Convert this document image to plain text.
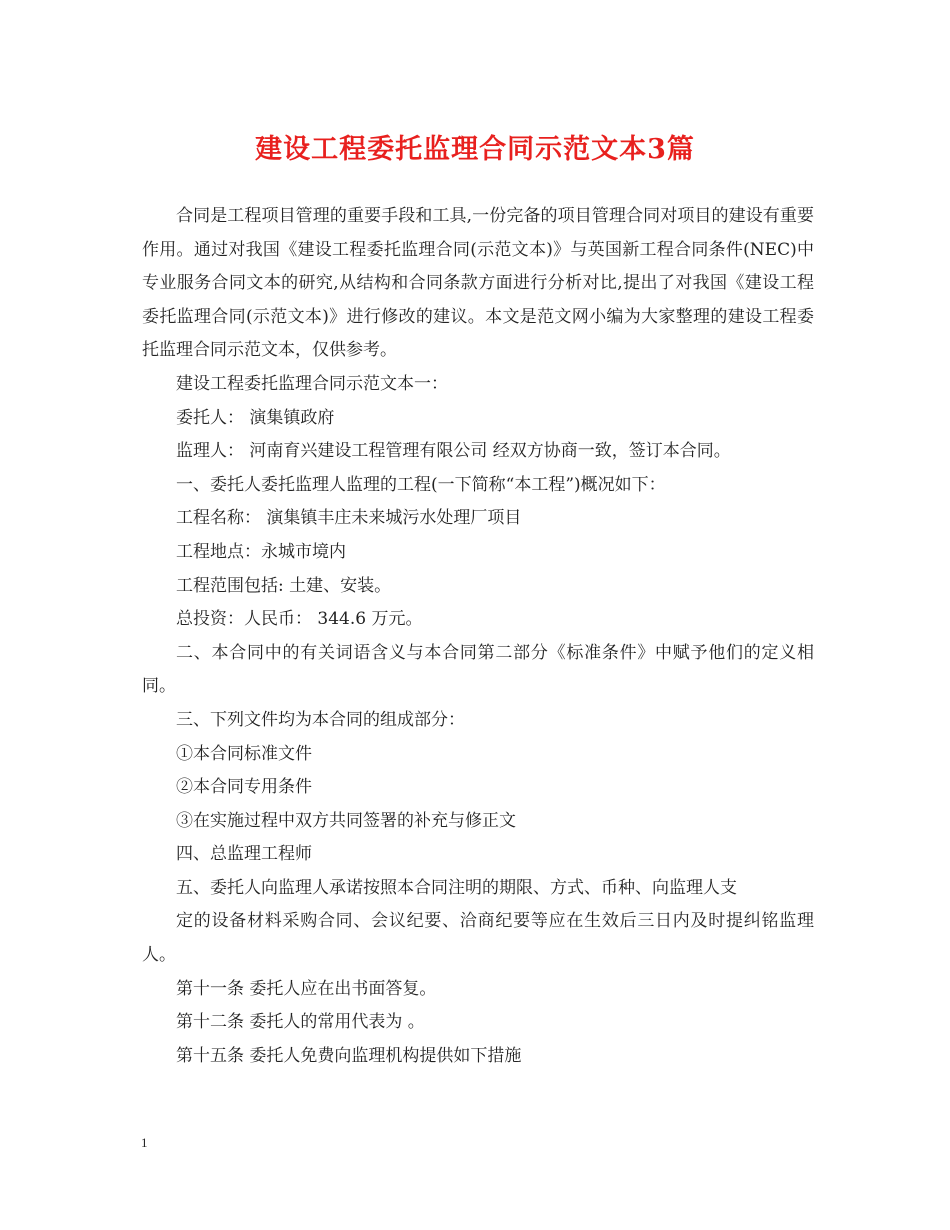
建设工程委托监理合同示范文本3篇

合同是工程项目管理的重要手段和工具,一份完备的项目管理合同对项目的建设有重要作用。通过对我国《建设工程委托监理合同(示范文本)》与英国新工程合同条件(NEC)中专业服务合同文本的研究,从结构和合同条款方面进行分析对比,提出了对我国《建设工程委托监理合同(示范文本)》进行修改的建议。本文是范文网小编为大家整理的建设工程委托监理合同示范文本，仅供参考。

建设工程委托监理合同示范文本一：

委托人： 演集镇政府

监理人： 河南育兴建设工程管理有限公司 经双方协商一致，签订本合同。

一、委托人委托监理人监理的工程(一下简称“本工程”)概况如下：

工程名称： 演集镇丰庄未来城污水处理厂项目

工程地点：永城市境内

工程范围包括: 土建、安装。

总投资：人民币： 344.6 万元。

二、本合同中的有关词语含义与本合同第二部分《标准条件》中赋予他们的定义相同。

三、下列文件均为本合同的组成部分：

①本合同标准文件

②本合同专用条件

③在实施过程中双方共同签署的补充与修正文

四、总监理工程师

五、委托人向监理人承诺按照本合同注明的期限、方式、币种、向监理人支

定的设备材料采购合同、会议纪要、洽商纪要等应在生效后三日内及时提纠铭监理人。

第十一条 委托人应在出书面答复。

第十二条 委托人的常用代表为 。

第十五条 委托人免费向监理机构提供如下措施

1
